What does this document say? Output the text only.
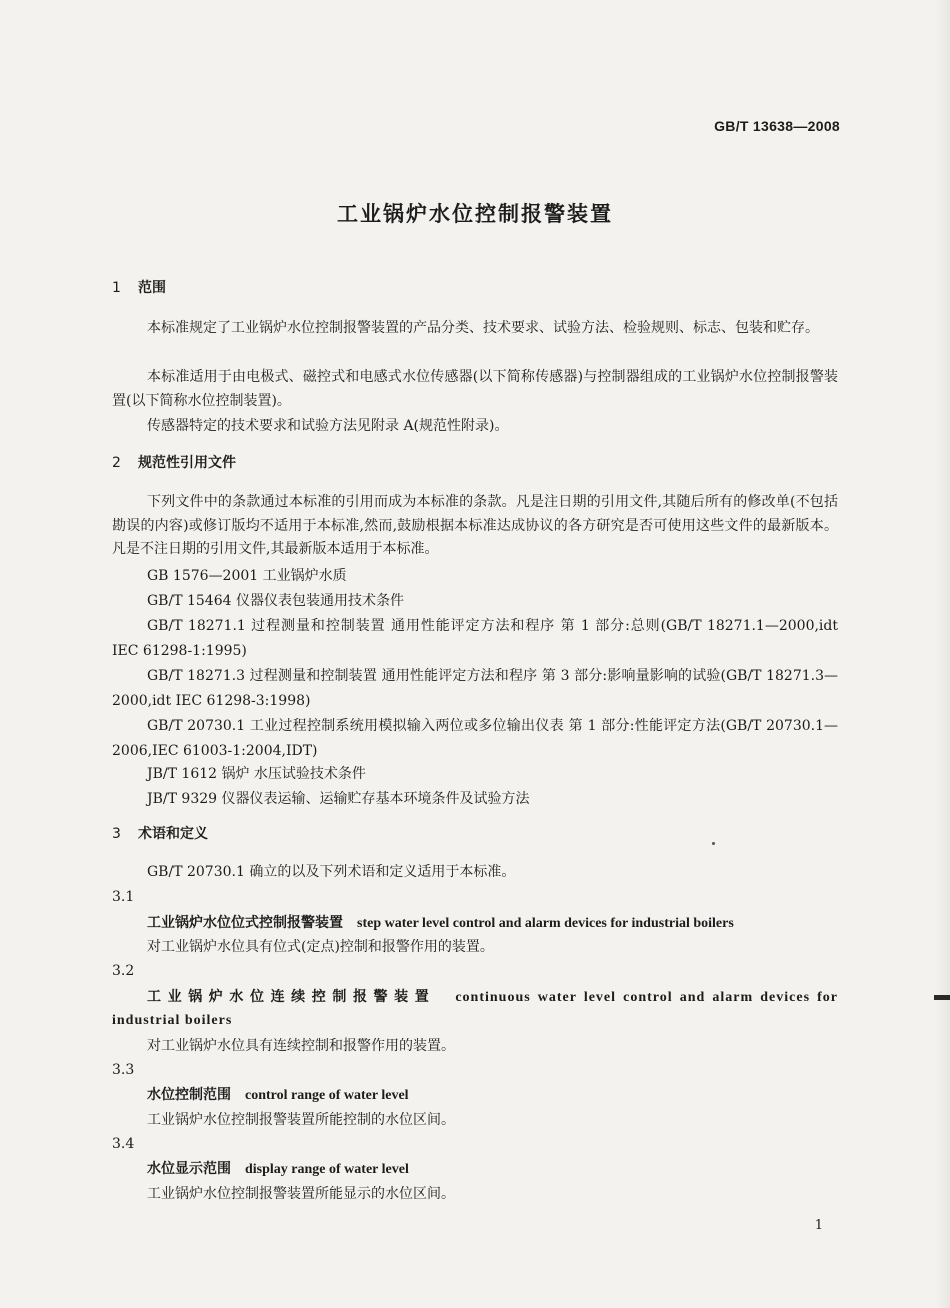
GB/T 13638—2008
工业锅炉水位控制报警装置
1 范围
本标准规定了工业锅炉水位控制报警装置的产品分类、技术要求、试验方法、检验规则、标志、包装和贮存。
本标准适用于由电极式、磁控式和电感式水位传感器(以下简称传感器)与控制器组成的工业锅炉水位控制报警装置(以下简称水位控制装置)。
传感器特定的技术要求和试验方法见附录 A(规范性附录)。
2 规范性引用文件
下列文件中的条款通过本标准的引用而成为本标准的条款。凡是注日期的引用文件,其随后所有的修改单(不包括勘误的内容)或修订版均不适用于本标准,然而,鼓励根据本标准达成协议的各方研究是否可使用这些文件的最新版本。凡是不注日期的引用文件,其最新版本适用于本标准。
GB 1576—2001 工业锅炉水质
GB/T 15464 仪器仪表包装通用技术条件
GB/T 18271.1 过程测量和控制装置 通用性能评定方法和程序 第 1 部分:总则(GB/T 18271.1—2000,idt IEC 61298-1:1995)
GB/T 18271.3 过程测量和控制装置 通用性能评定方法和程序 第 3 部分:影响量影响的试验(GB/T 18271.3—2000,idt IEC 61298-3:1998)
GB/T 20730.1 工业过程控制系统用模拟输入两位或多位输出仪表 第 1 部分:性能评定方法(GB/T 20730.1—2006,IEC 61003-1:2004,IDT)
JB/T 1612 锅炉 水压试验技术条件
JB/T 9329 仪器仪表运输、运输贮存基本环境条件及试验方法
3 术语和定义
GB/T 20730.1 确立的以及下列术语和定义适用于本标准。
3.1
工业锅炉水位位式控制报警装置 step water level control and alarm devices for industrial boilers
对工业锅炉水位具有位式(定点)控制和报警作用的装置。
3.2
工业锅炉水位连续控制报警装置 continuous water level control and alarm devices for industrial boilers
对工业锅炉水位具有连续控制和报警作用的装置。
3.3
水位控制范围 control range of water level
工业锅炉水位控制报警装置所能控制的水位区间。
3.4
水位显示范围 display range of water level
工业锅炉水位控制报警装置所能显示的水位区间。
1
